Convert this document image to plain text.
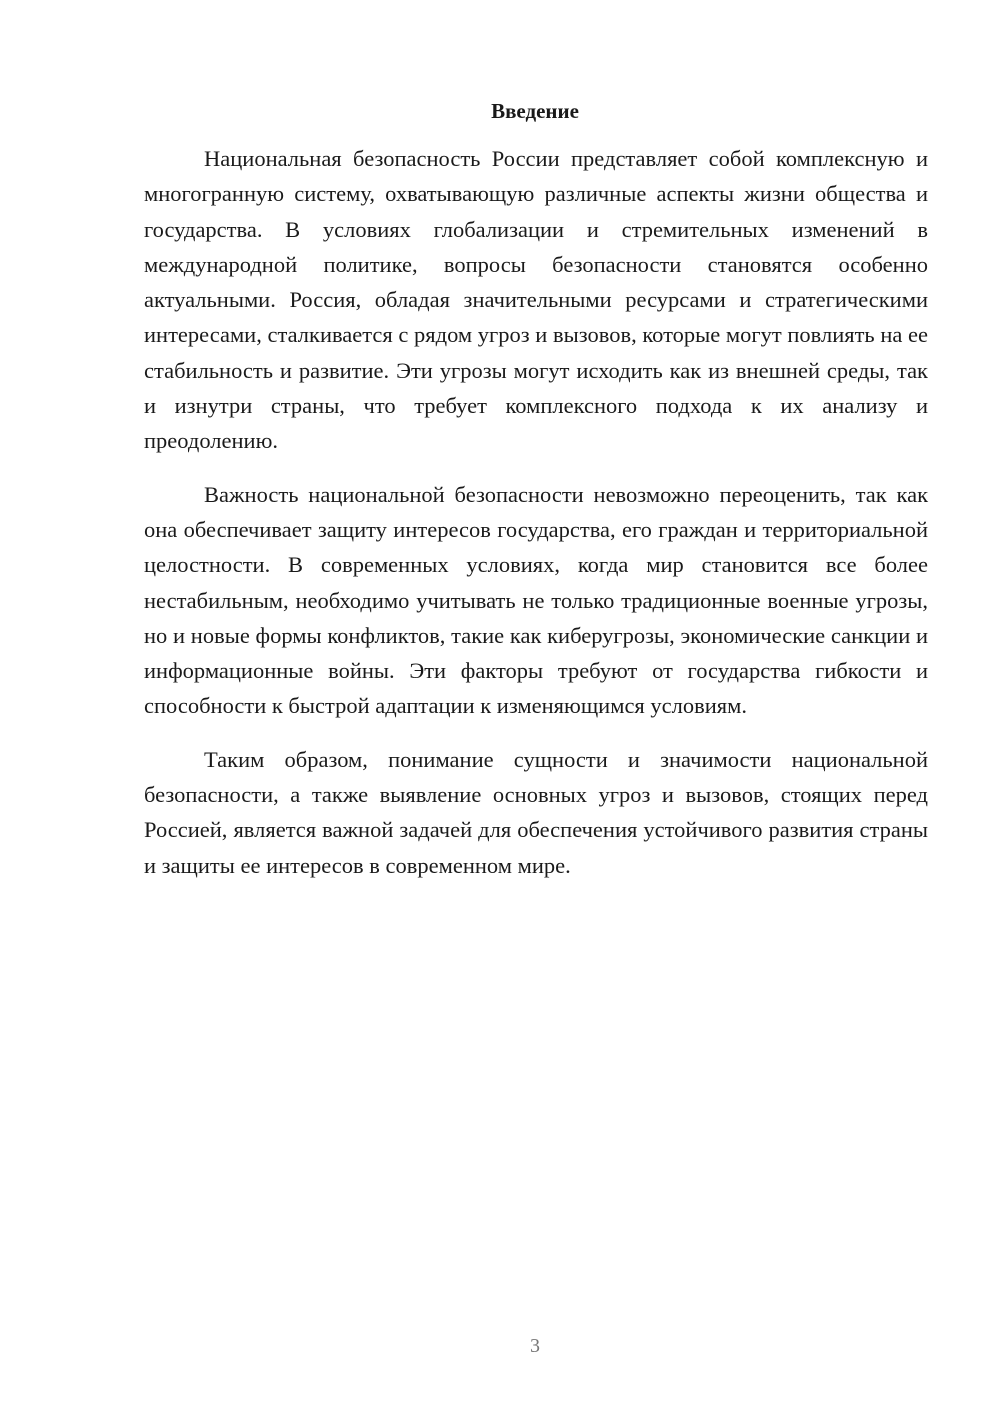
Введение

Национальная безопасность России представляет собой комплексную и многогранную систему, охватывающую различные аспекты жизни общества и государства. В условиях глобализации и стремительных изменений в международной политике, вопросы безопасности становятся особенно актуальными. Россия, обладая значительными ресурсами и стратегическими интересами, сталкивается с рядом угроз и вызовов, которые могут повлиять на ее стабильность и развитие. Эти угрозы могут исходить как из внешней среды, так и изнутри страны, что требует комплексного подхода к их анализу и преодолению.

Важность национальной безопасности невозможно переоценить, так как она обеспечивает защиту интересов государства, его граждан и территориальной целостности. В современных условиях, когда мир становится все более нестабильным, необходимо учитывать не только традиционные военные угрозы, но и новые формы конфликтов, такие как киберугрозы, экономические санкции и информационные войны. Эти факторы требуют от государства гибкости и способности к быстрой адаптации к изменяющимся условиям.

Таким образом, понимание сущности и значимости национальной безопасности, а также выявление основных угроз и вызовов, стоящих перед Россией, является важной задачей для обеспечения устойчивого развития страны и защиты ее интересов в современном мире.

3
